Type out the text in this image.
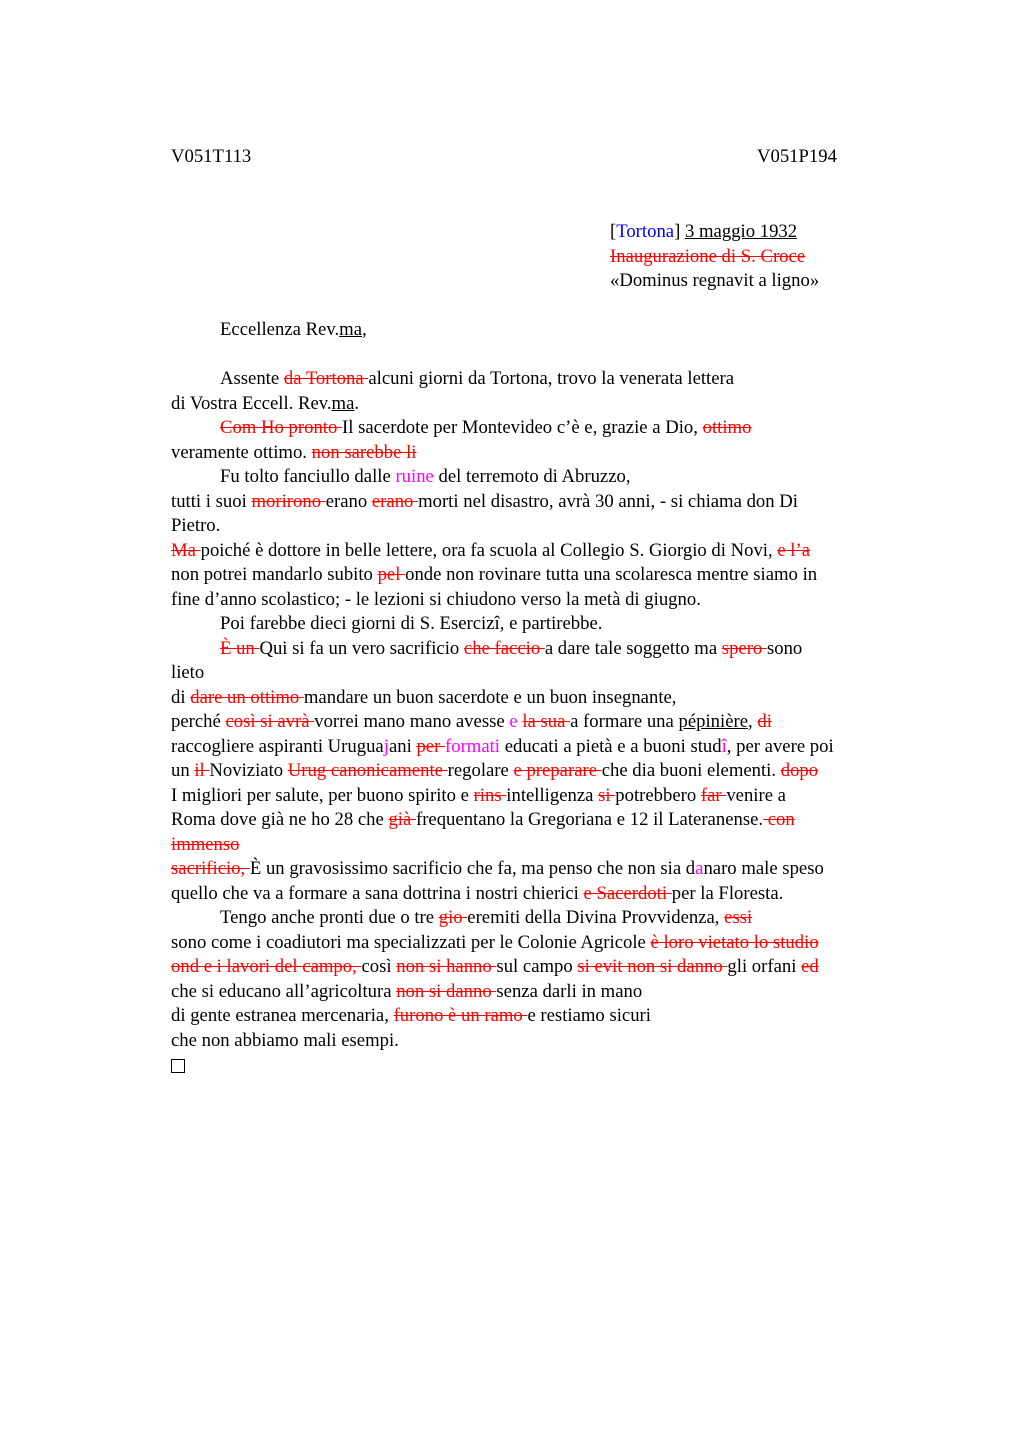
V051T113	V051P194
[Tortona] 3 maggio 1932
Inaugurazione di S. Croce
«Dominus regnavit a ligno»
Eccellenza Rev.ma,
Assente da Tortona alcuni giorni da Tortona, trovo la venerata lettera
di Vostra Eccell. Rev.ma.
Com Ho pronto Il sacerdote per Montevideo c’è e, grazie a Dio, ottimo
veramente ottimo. non sarebbe li
Fu tolto fanciullo dalle ruine del terremoto di Abruzzo,
tutti i suoi morirono erano erano morti nel disastro, avrà 30 anni, - si chiama don Di
Pietro.
Ma poiché è dottore in belle lettere, ora fa scuola al Collegio S. Giorgio di Novi, e l’a
non potrei mandarlo subito pel onde non rovinare tutta una scolaresca mentre siamo in
fine d’anno scolastico; - le lezioni si chiudono verso la metà di giugno.
Poi farebbe dieci giorni di S. Esercizî, e partirebbe.
È un Qui si fa un vero sacrificio che faccio a dare tale soggetto ma spero sono
lieto
di dare un ottimo mandare un buon sacerdote e un buon insegnante,
perché così si avrà vorrei mano mano avesse e la sua a formare una pépinière, di
raccogliere aspiranti Uruguajani per formati educati a pietà e a buoni studî, per avere poi
un il Noviziato Urug canonicamente regolare e preparare che dia buoni elementi. dopo
I migliori per salute, per buono spirito e rins intelligenza si potrebbero far venire a
Roma dove già ne ho 28 che già frequentano la Gregoriana e 12 il Lateranense. con
immenso
sacrificio, È un gravosissimo sacrificio che fa, ma penso che non sia danaro male speso
quello che va a formare a sana dottrina i nostri chierici e Sacerdoti per la Floresta.
Tengo anche pronti due o tre gio eremiti della Divina Provvidenza, essi
sono come i coadiutori ma specializzati per le Colonie Agricole è loro vietato lo studio
ond e i lavori del campo, così non si hanno sul campo si evit non si danno gli orfani ed
che si educano all’agricoltura non si danno senza darli in mano
di gente estranea mercenaria, furono è un ramo e restiamo sicuri
che non abbiamo mali esempi.
